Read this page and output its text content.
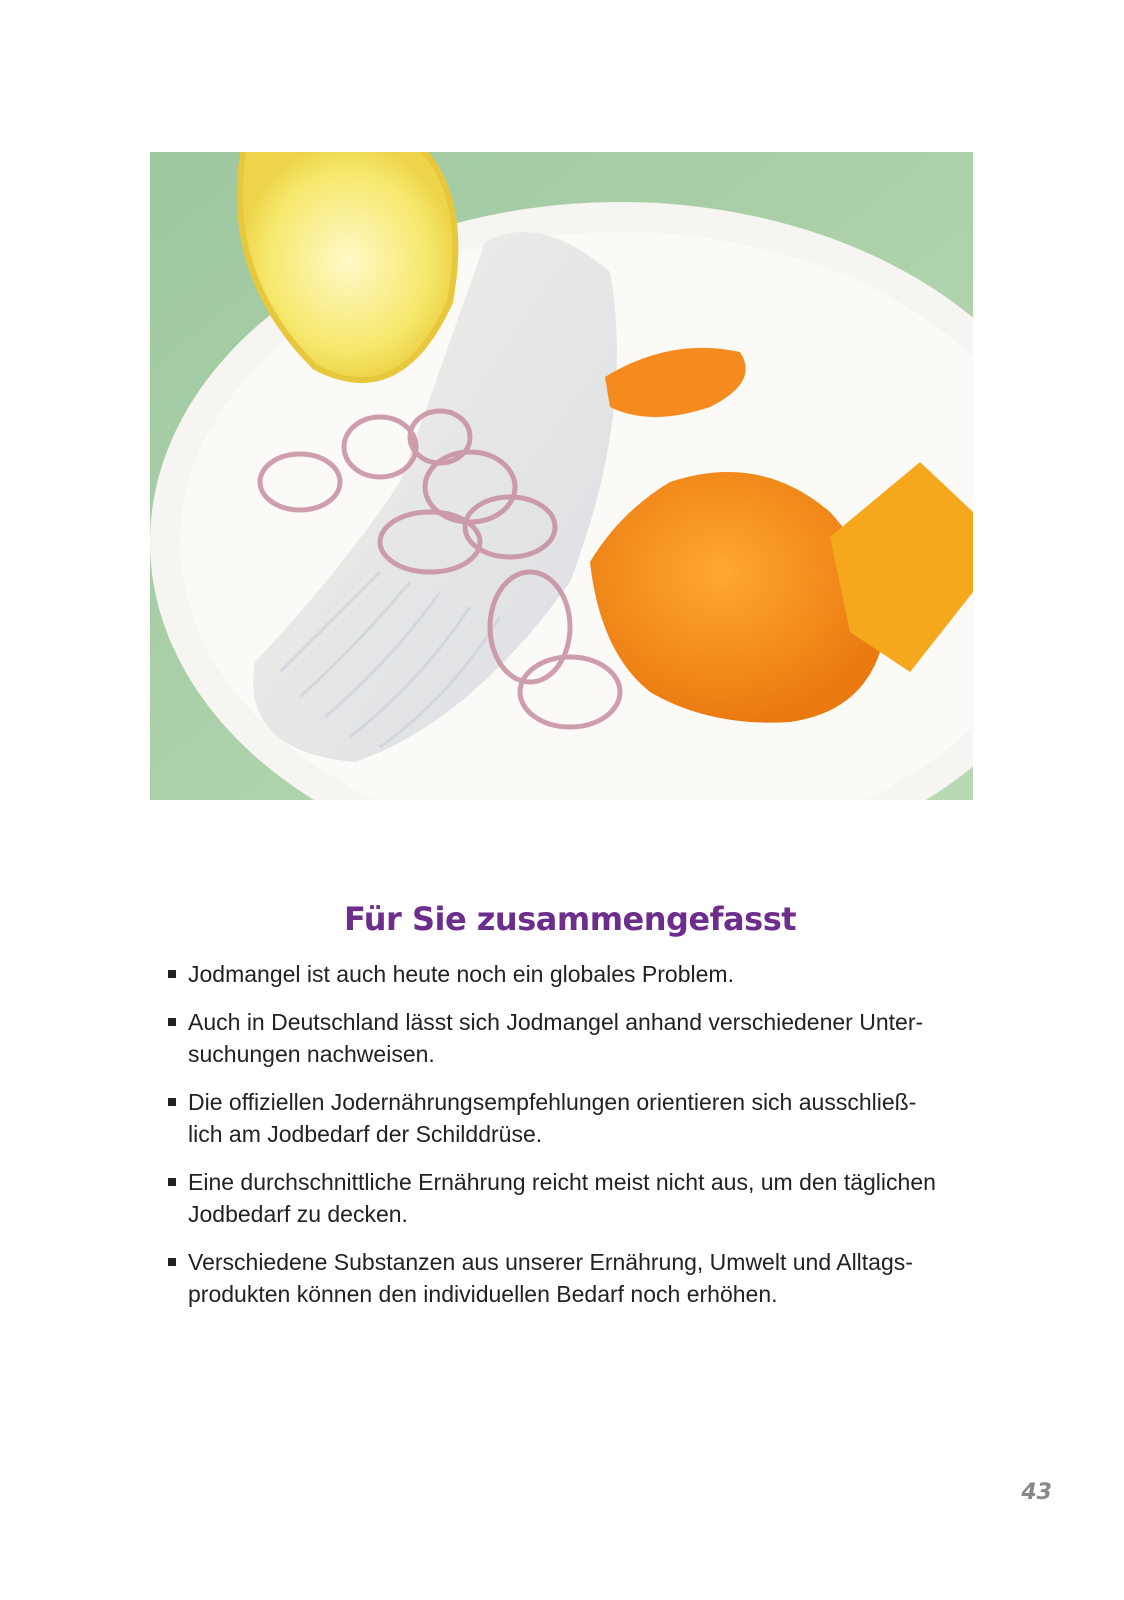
Für Sie zusammengefasst
Jodmangel ist auch heute noch ein globales Problem.
Auch in Deutschland lässt sich Jodmangel anhand verschiedener Unter-
suchungen nachweisen.
Die offiziellen Jodernährungsempfehlungen orientieren sich ausschließ-
lich am Jodbedarf der Schilddrüse.
Eine durchschnittliche Ernährung reicht meist nicht aus, um den täglichen
Jodbedarf zu decken.
Verschiedene Substanzen aus unserer Ernährung, Umwelt und Alltags-
produkten können den individuellen Bedarf noch erhöhen.
43
